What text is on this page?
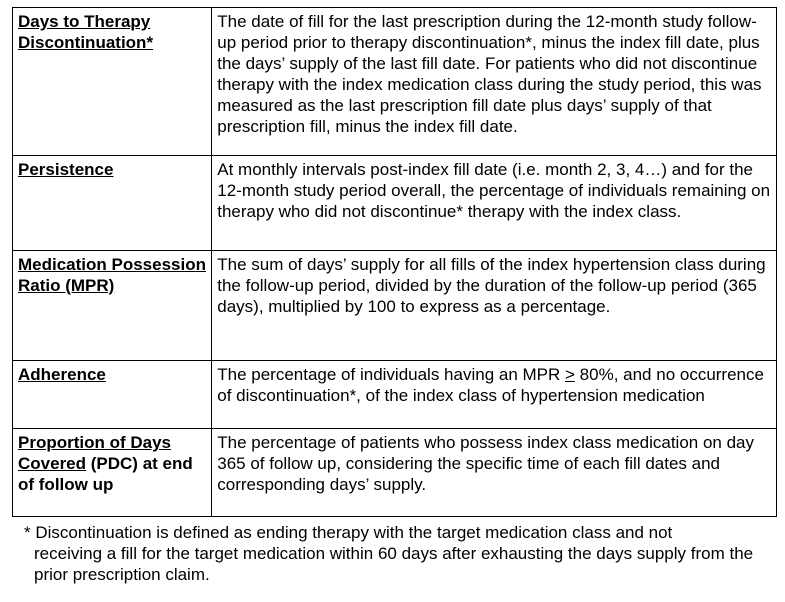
Days to Therapy Discontinuation*	The date of fill for the last prescription during the 12-month study follow-up period prior to therapy discontinuation*, minus the index fill date, plus the days’ supply of the last fill date. For patients who did not discontinue therapy with the index medication class during the study period, this was measured as the last prescription fill date plus days’ supply of that prescription fill, minus the index fill date.
Persistence	At monthly intervals post-index fill date (i.e. month 2, 3, 4…) and for the 12-month study period overall, the percentage of individuals remaining on therapy who did not discontinue* therapy with the index class.
Medication Possession Ratio (MPR)	The sum of days’ supply for all fills of the index hypertension class during the follow-up period, divided by the duration of the follow-up period (365 days), multiplied by 100 to express as a percentage.
Adherence	The percentage of individuals having an MPR ≥ 80%, and no occurrence of discontinuation*, of the index class of hypertension medication
Proportion of Days Covered (PDC) at end of follow up	The percentage of patients who possess index class medication on day 365 of follow up, considering the specific time of each fill dates and corresponding days’ supply.
* Discontinuation is defined as ending therapy with the target medication class and not
receiving a fill for the target medication within 60 days after exhausting the days supply from the prior prescription claim.
